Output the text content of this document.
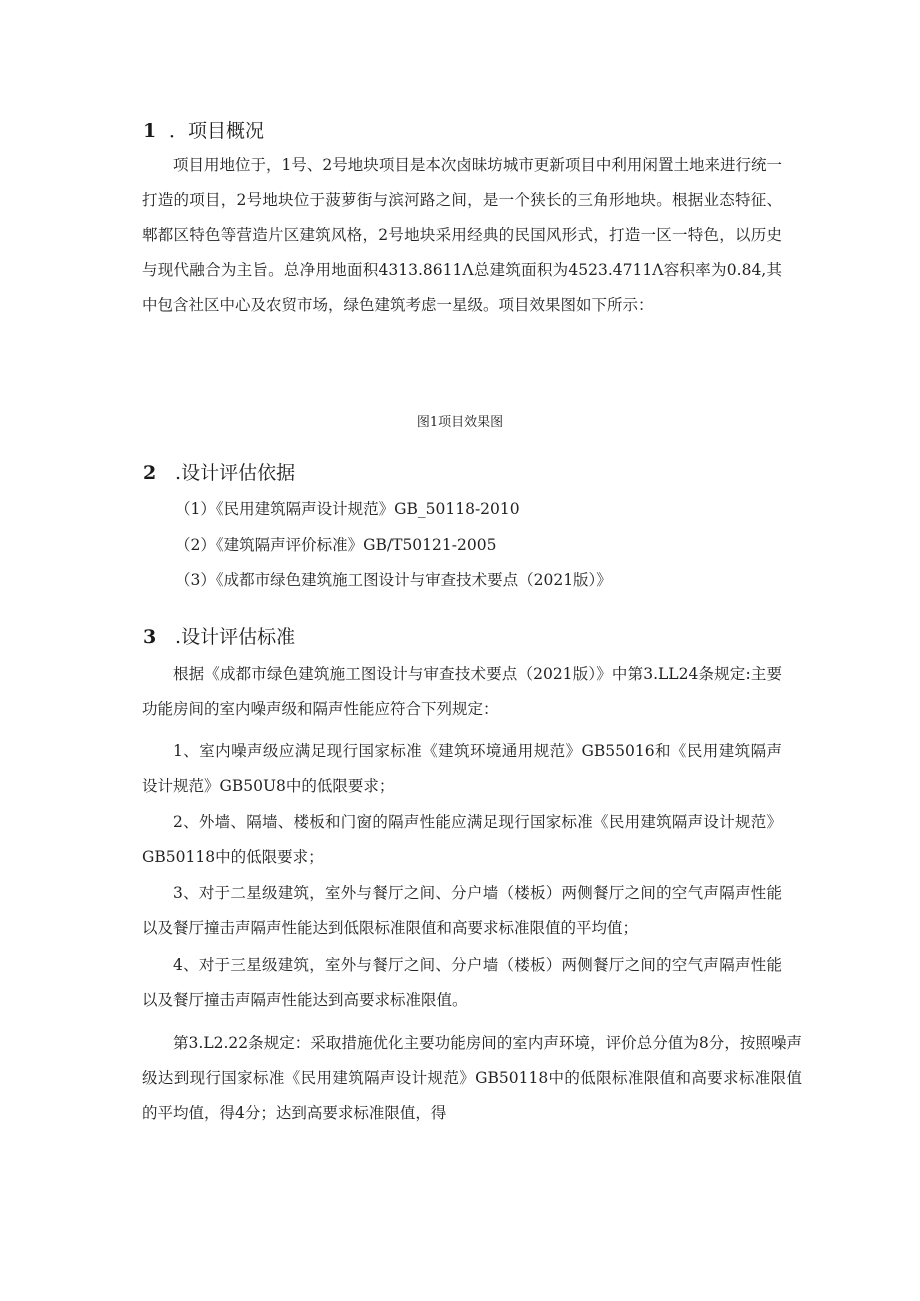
1 ．项目概况

项目用地位于，1号、2号地块项目是本次卤昧坊城市更新项目中利用闲置土地来进行统一打造的项目，2号地块位于菠萝街与滨河路之间，是一个狭长的三角形地块。根据业态特征、郫都区特色等营造片区建筑风格，2号地块采用经典的民国风形式，打造一区一特色，以历史与现代融合为主旨。总净用地面积4313.8611Λ总建筑面积为4523.4711Λ容积率为0.84,其中包含社区中心及农贸市场，绿色建筑考虑一星级。项目效果图如下所示：

图1项目效果图
2 .设计评估依据
（1）《民用建筑隔声设计规范》GB_50118-2010
（2）《建筑隔声评价标准》GB/T50121-2005
（3）《成都市绿色建筑施工图设计与审查技术要点（2021版）》
3 .设计评估标准

根据《成都市绿色建筑施工图设计与审查技术要点（2021版）》中第3.LL24条规定:主要功能房间的室内噪声级和隔声性能应符合下列规定：

1、室内噪声级应满足现行国家标准《建筑环境通用规范》GB55016和《民用建筑隔声设计规范》GB50U8中的低限要求；

2、外墙、隔墙、楼板和门窗的隔声性能应满足现行国家标准《民用建筑隔声设计规范》GB50118中的低限要求；

3、对于二星级建筑，室外与餐厅之间、分户墙（楼板）两侧餐厅之间的空气声隔声性能以及餐厅撞击声隔声性能达到低限标准限值和高要求标准限值的平均值；

4、对于三星级建筑，室外与餐厅之间、分户墙（楼板）两侧餐厅之间的空气声隔声性能以及餐厅撞击声隔声性能达到高要求标准限值。

第3.L2.22条规定：采取措施优化主要功能房间的室内声环境，评价总分值为8分，按照噪声级达到现行国家标准《民用建筑隔声设计规范》GB50118中的低限标准限值和高要求标准限值的平均值，得4分；达到高要求标准限值，得
